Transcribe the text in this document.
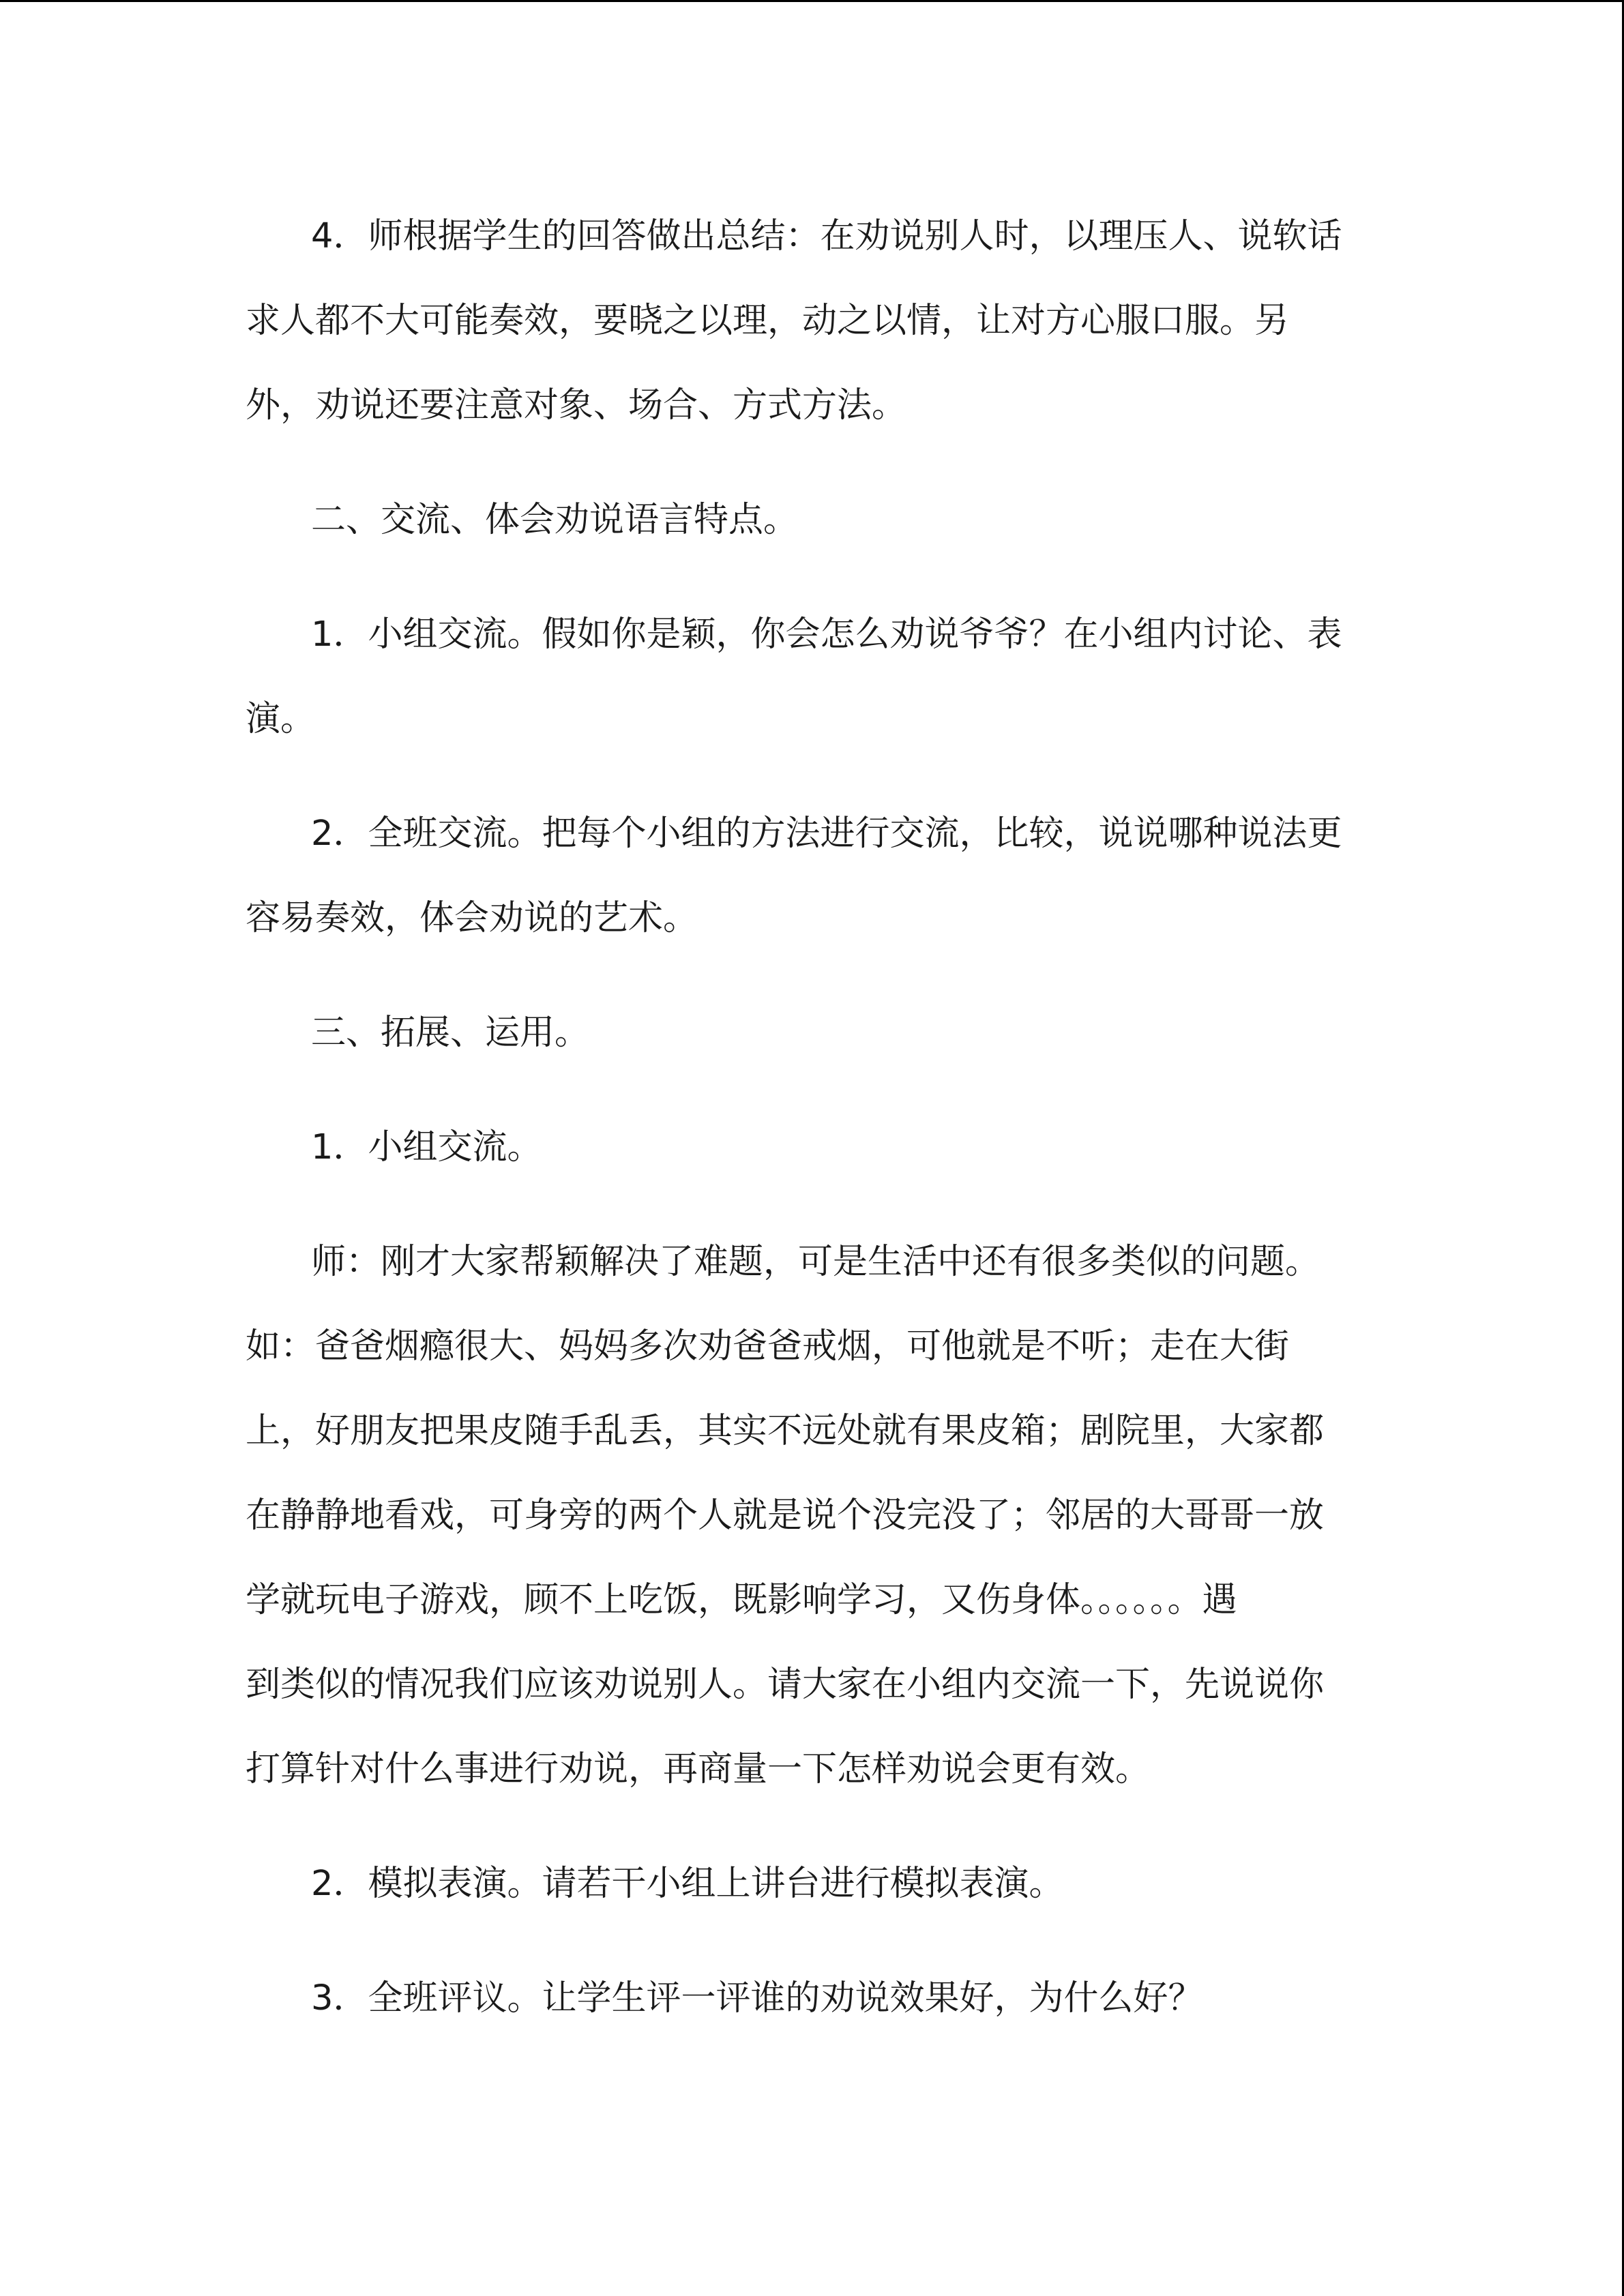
4．师根据学生的回答做出总结：在劝说别人时，以理压人、说软话
求人都不大可能奏效，要晓之以理，动之以情，让对方心服口服。另
外，劝说还要注意对象、场合、方式方法。

二、交流、体会劝说语言特点。

1．小组交流。假如你是颖，你会怎么劝说爷爷？在小组内讨论、表
演。

2．全班交流。把每个小组的方法进行交流，比较，说说哪种说法更
容易奏效，体会劝说的艺术。

三、拓展、运用。

1．小组交流。

师：刚才大家帮颖解决了难题，可是生活中还有很多类似的问题。
如：爸爸烟瘾很大、妈妈多次劝爸爸戒烟，可他就是不听；走在大街
上，好朋友把果皮随手乱丢，其实不远处就有果皮箱；剧院里，大家都
在静静地看戏，可身旁的两个人就是说个没完没了；邻居的大哥哥一放
学就玩电子游戏，顾不上吃饭，既影响学习，又伤身体。。。。。。遇
到类似的情况我们应该劝说别人。请大家在小组内交流一下，先说说你
打算针对什么事进行劝说，再商量一下怎样劝说会更有效。

2．模拟表演。请若干小组上讲台进行模拟表演。

3．全班评议。让学生评一评谁的劝说效果好，为什么好？
